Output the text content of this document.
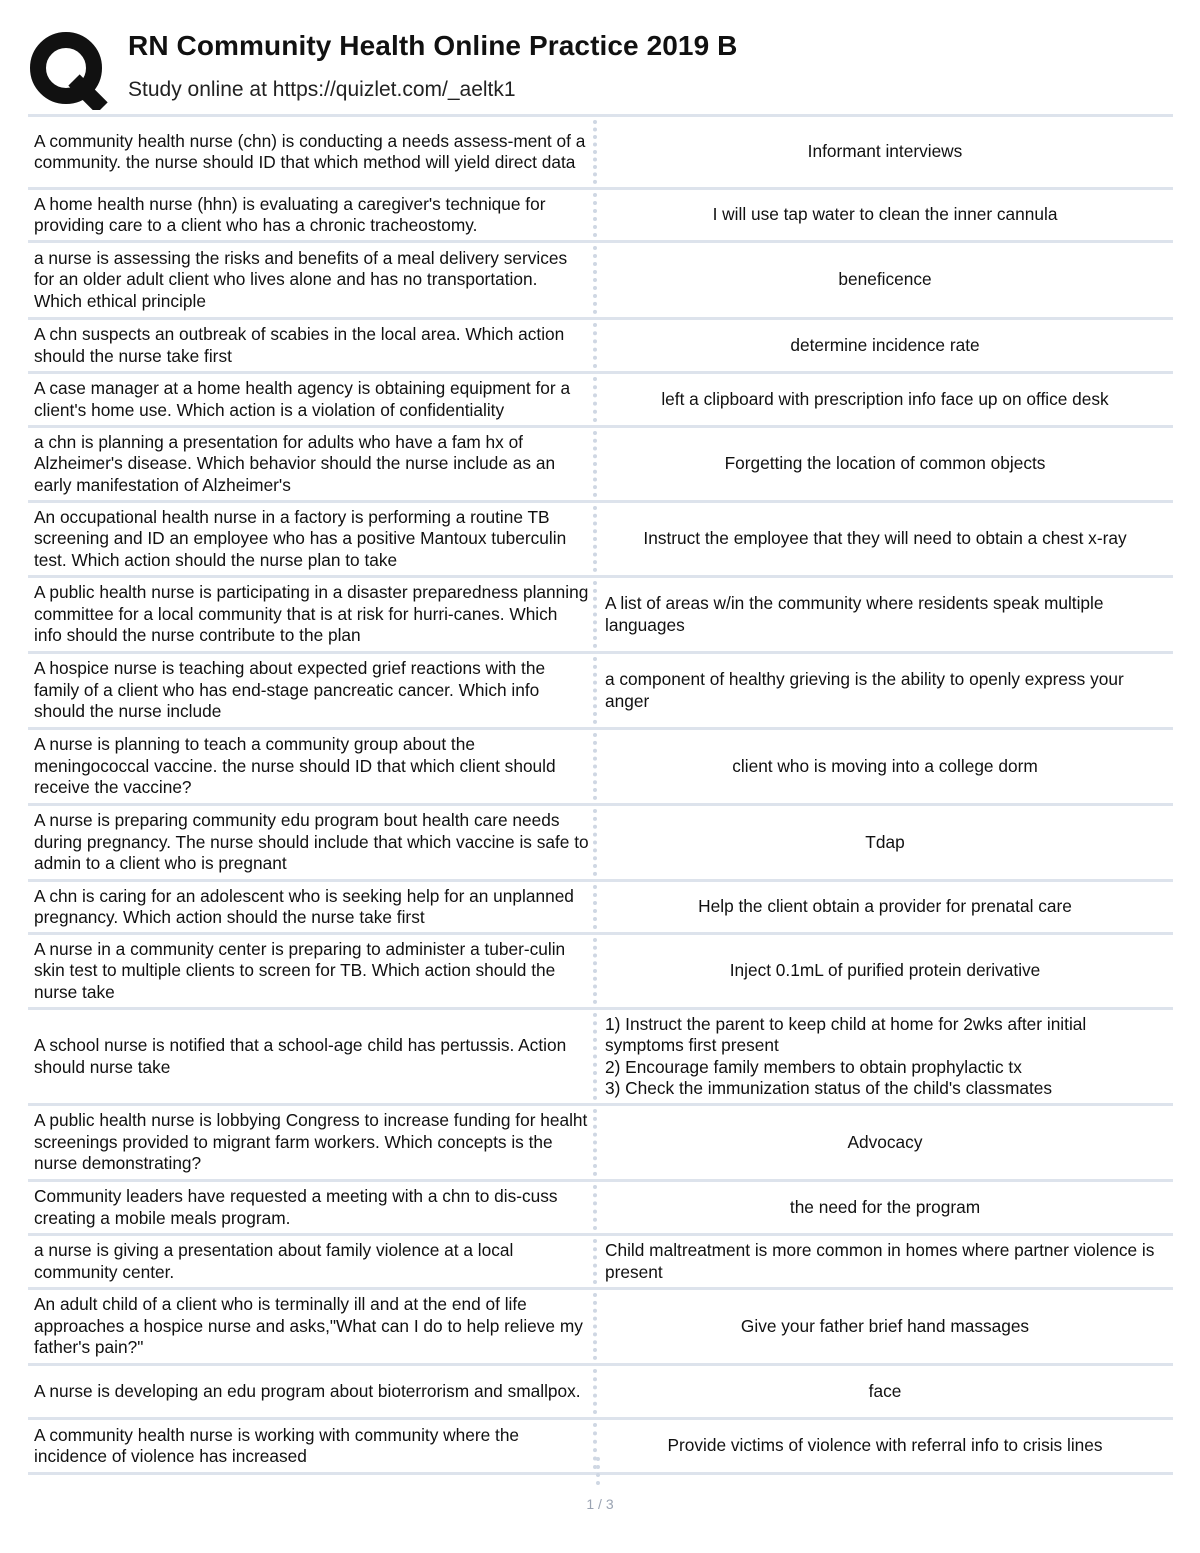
RN Community Health Online Practice 2019 B
Study online at https://quizlet.com/_aeltk1
A community health nurse (chn) is conducting a needs assess-ment of a community. the nurse should ID that which method will yield direct data
Informant interviews
A home health nurse (hhn) is evaluating a caregiver's technique for providing care to a client who has a chronic tracheostomy.
I will use tap water to clean the inner cannula
a nurse is assessing the risks and benefits of a meal delivery services for an older adult client who lives alone and has no transportation. Which ethical principle
beneficence
A chn suspects an outbreak of scabies in the local area. Which action should the nurse take first
determine incidence rate
A case manager at a home health agency is obtaining equipment for a client's home use. Which action is a violation of confidentiality
left a clipboard with prescription info face up on office desk
a chn is planning a presentation for adults who have a fam hx of Alzheimer's disease. Which behavior should the nurse include as an early manifestation of Alzheimer's
Forgetting the location of common objects
An occupational health nurse in a factory is performing a routine TB screening and ID an employee who has a positive Mantoux tuberculin test. Which action should the nurse plan to take
Instruct the employee that they will need to obtain a chest x-ray
A public health nurse is participating in a disaster preparedness planning committee for a local community that is at risk for hurri-canes. Which info should the nurse contribute to the plan
A list of areas w/in the community where residents speak multiple languages
A hospice nurse is teaching about expected grief reactions with the family of a client who has end-stage pancreatic cancer. Which info should the nurse include
a component of healthy grieving is the ability to openly express your anger
A nurse is planning to teach a community group about the meningococcal vaccine. the nurse should ID that which client should receive the vaccine?
client who is moving into a college dorm
A nurse is preparing community edu program bout health care needs during pregnancy. The nurse should include that which vaccine is safe to admin to a client who is pregnant
Tdap
A chn is caring for an adolescent who is seeking help for an unplanned pregnancy. Which action should the nurse take first
Help the client obtain a provider for prenatal care
A nurse in a community center is preparing to administer a tuber-culin skin test to multiple clients to screen for TB. Which action should the nurse take
Inject 0.1mL of purified protein derivative
A school nurse is notified that a school-age child has pertussis. Action should nurse take
1) Instruct the parent to keep child at home for 2wks after initial symptoms first present
2) Encourage family members to obtain prophylactic tx
3) Check the immunization status of the child's classmates
A public health nurse is lobbying Congress to increase funding for healht screenings provided to migrant farm workers. Which concepts is the nurse demonstrating?
Advocacy
Community leaders have requested a meeting with a chn to dis-cuss creating a mobile meals program.
the need for the program
a nurse is giving a presentation about family violence at a local community center.
Child maltreatment is more common in homes where partner violence is present
An adult child of a client who is terminally ill and at the end of life approaches a hospice nurse and asks,"What can I do to help relieve my father's pain?"
Give your father brief hand massages
A nurse is developing an edu program about bioterrorism and smallpox.	face
A community health nurse is working with community where the incidence of violence has increased
Provide victims of violence with referral info to crisis lines
1 / 3
